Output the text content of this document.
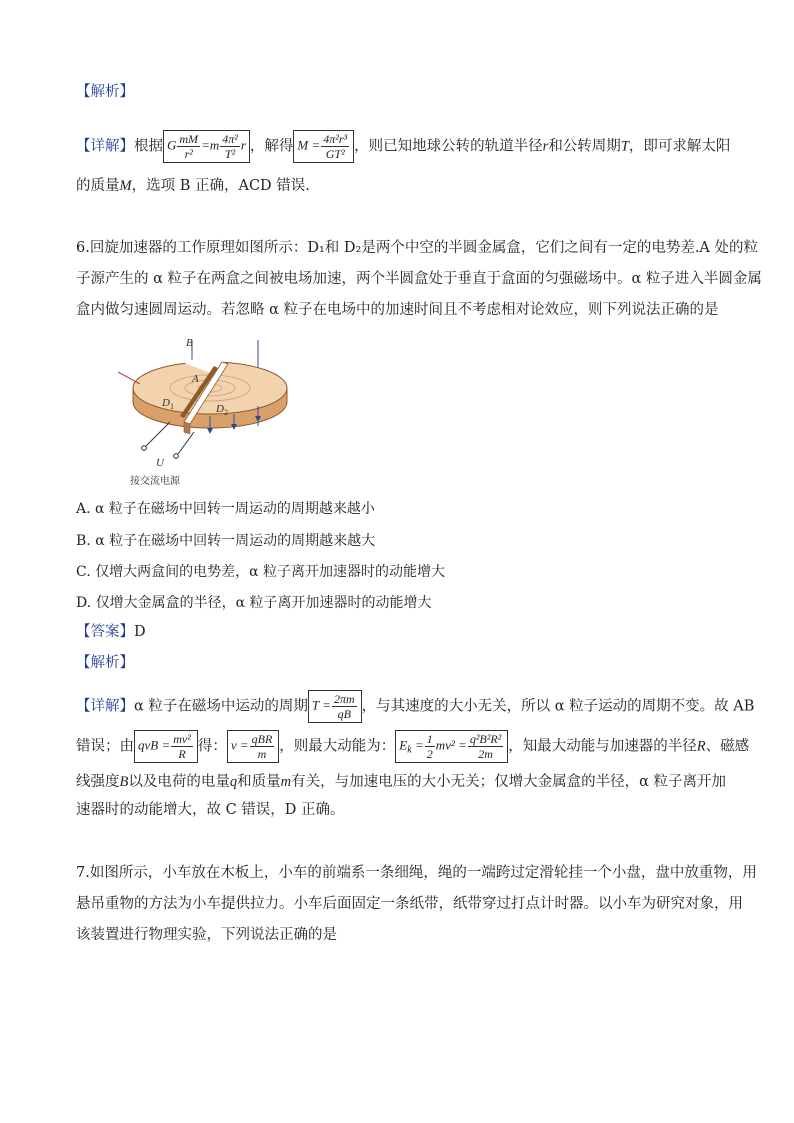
【解析】
【详解】根据 G $\frac{mM}{\text{r²}} =m \frac{\text{4π²}}{\text{T²}}$ r ，解得 $M = \frac{\text{4π²r³}}{\text{GT²}}$ ，则已知地球公转的轨道半径r和公转周期T，即可求解太阳
的质量M，选项 B 正确，ACD 错误.
6.回旋加速器的工作原理如图所示：D₁和 D₂是两个中空的半圆金属盒，它们之间有一定的电势差.A 处的粒
子源产生的 α 粒子在两盒之间被电场加速，两个半圆盒处于垂直于盒面的匀强磁场中。α 粒子进入半圆金属
盒内做匀速圆周运动。若忽略 α 粒子在电场中的加速时间且不考虑相对论效应，则下列说法正确的是
B
A
D 1	D 2
U
接交流电源
A. α 粒子在磁场中回转一周运动的周期越来越小
B. α 粒子在磁场中回转一周运动的周期越来越大
C. 仅增大两盒间的电势差，α 粒子离开加速器时的动能增大
D. 仅增大金属盒的半径，α 粒子离开加速器时的动能增大
【答案】D
【解析】
【详解】α 粒子在磁场中运动的周期 $T = \frac{2\pi m}{qB}$ ，与其速度的大小无关，所以 α 粒子运动的周期不变。故 AB
错误；由 qvB = $\frac{\text{mv²}}{R}$ 得： $v = \frac{\text{qBR}}{m}$ ，则最大动能为： $E_k = \frac{1}{2} mv^2 = \frac{\text{q²B²R²}}{2m}$ ，知最大动能与加速器的半径R、磁感
线强度B以及电荷的电量q和质量m有关，与加速电压的大小无关；仅增大金属盒的半径，α 粒子离开加
速器时的动能增大，故 C 错误，D 正确。
7.如图所示，小车放在木板上，小车的前端系一条细绳，绳的一端跨过定滑轮挂一个小盘，盘中放重物，用
悬吊重物的方法为小车提供拉力。小车后面固定一条纸带，纸带穿过打点计时器。以小车为研究对象，用
该装置进行物理实验，下列说法正确的是
